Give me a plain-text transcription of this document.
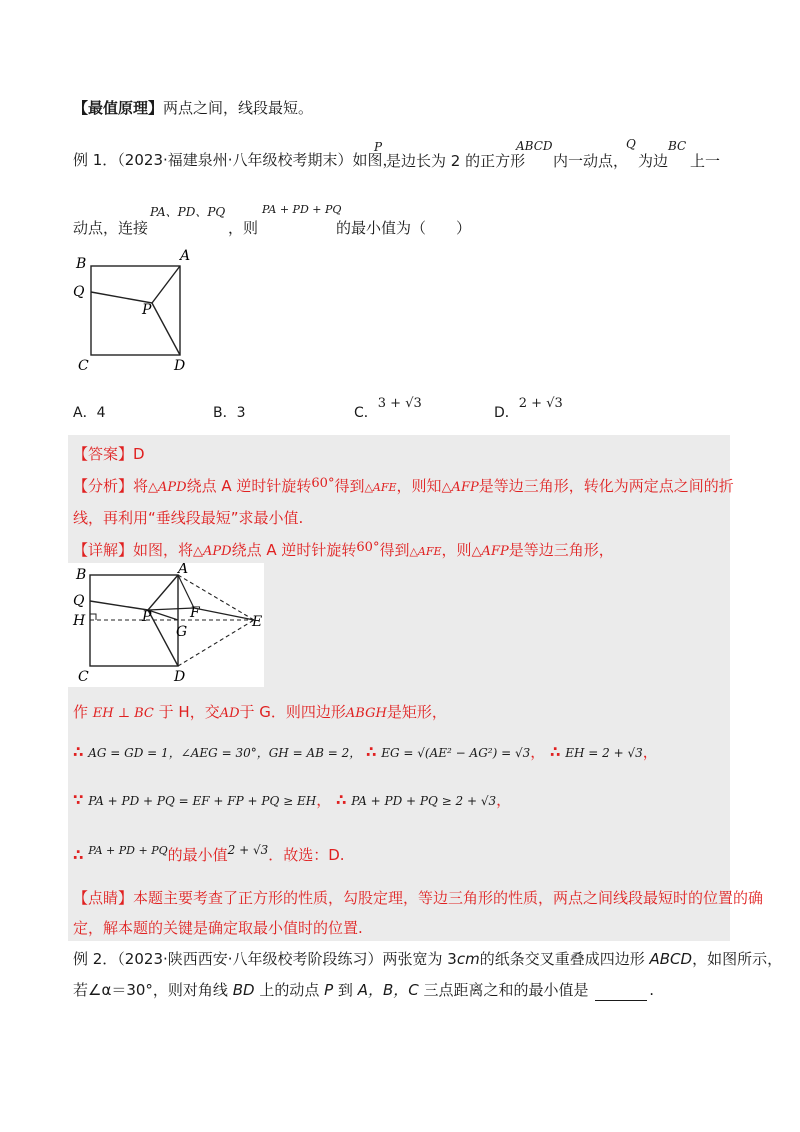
【最值原理】两点之间，线段最短。
例 1．（2023·福建泉州·八年级校考期末）如图，
P
是边长为 2 的正方形
ABCD
内一动点，
Q
为边
BC
上一
动点，连接
PA、PD、PQ
，则
PA + PD + PQ
的最小值为（　　）
B	A
Q
P
C	D
A．4	B．3	C．3 + √3
D．2 + √3
【答案】D
【分析】将△APD绕点 A 逆时针旋转60°得到△AFE，则知△AFP是等边三角形，转化为两定点之间的折
线，再利用“垂线段最短”求最小值.
【详解】如图，将△APD绕点 A 逆时针旋转60°得到△AFE，则△AFP是等边三角形，
B	A
Q
H	P	F
G
E
C	D
作 EH ⊥ BC 于 H，交AD于 G．则四边形ABGH是矩形，
∴ AG = GD = 1，∠AEG = 30°，GH = AB = 2， ∴ EG = √(AE² − AG²) = √3， ∴ EH = 2 + √3，
∵ PA + PD + PQ = EF + FP + PQ ≥ EH， ∴ PA + PD + PQ ≥ 2 + √3，
∴ $^{PA + PD + PQ}$的最小值$^{2 + √3}$．故选：D.
【点睛】本题主要考查了正方形的性质，勾股定理，等边三角形的性质，两点之间线段最短时的位置的确
定，解本题的关键是确定取最小值时的位置.
例 2．（2023·陕西西安·八年级校考阶段练习）两张宽为 3cm的纸条交叉重叠成四边形 ABCD，如图所示，
若∠α＝30°，则对角线 BD 上的动点 P 到 A，B，C 三点距离之和的最小值是	.
